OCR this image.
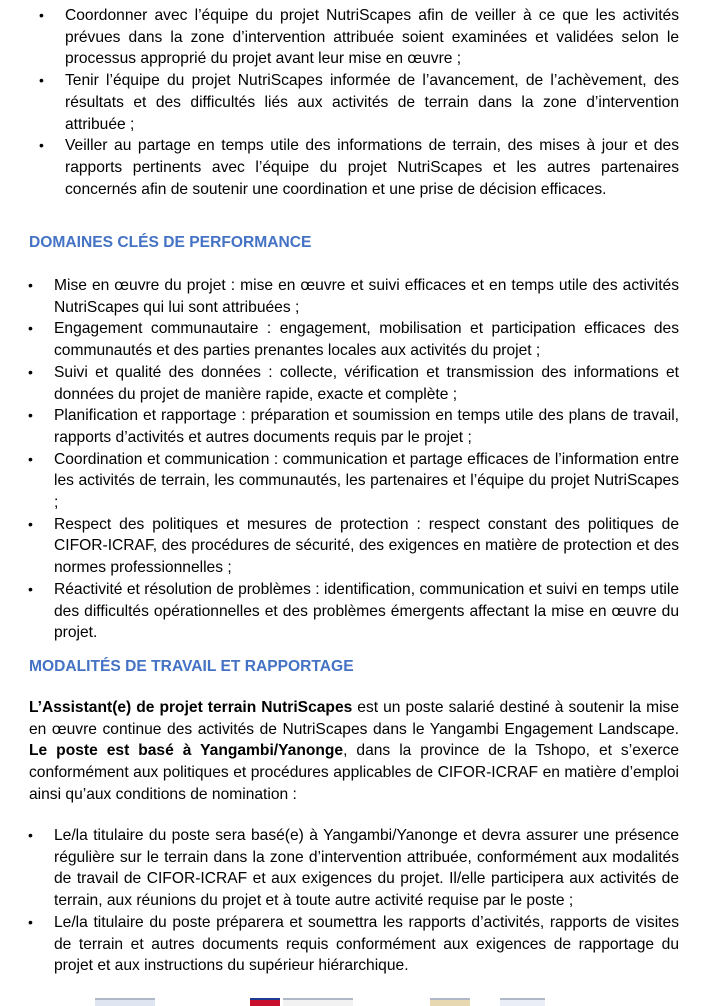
• Coordonner avec l’équipe du projet NutriScapes afin de veiller à ce que les activités prévues dans la zone d’intervention attribuée soient examinées et validées selon le processus approprié du projet avant leur mise en œuvre ;
• Tenir l’équipe du projet NutriScapes informée de l’avancement, de l’achèvement, des résultats et des difficultés liés aux activités de terrain dans la zone d’intervention attribuée ;
• Veiller au partage en temps utile des informations de terrain, des mises à jour et des rapports pertinents avec l’équipe du projet NutriScapes et les autres partenaires concernés afin de soutenir une coordination et une prise de décision efficaces.
DOMAINES CLÉS DE PERFORMANCE
• Mise en œuvre du projet : mise en œuvre et suivi efficaces et en temps utile des activités NutriScapes qui lui sont attribuées ;
• Engagement communautaire : engagement, mobilisation et participation efficaces des communautés et des parties prenantes locales aux activités du projet ;
• Suivi et qualité des données : collecte, vérification et transmission des informations et données du projet de manière rapide, exacte et complète ;
• Planification et rapportage : préparation et soumission en temps utile des plans de travail, rapports d’activités et autres documents requis par le projet ;
• Coordination et communication : communication et partage efficaces de l’information entre les activités de terrain, les communautés, les partenaires et l’équipe du projet NutriScapes ;
• Respect des politiques et mesures de protection : respect constant des politiques de CIFOR-ICRAF, des procédures de sécurité, des exigences en matière de protection et des normes professionnelles ;
• Réactivité et résolution de problèmes : identification, communication et suivi en temps utile des difficultés opérationnelles et des problèmes émergents affectant la mise en œuvre du projet.
MODALITÉS DE TRAVAIL ET RAPPORTAGE

L’Assistant(e) de projet terrain NutriScapes est un poste salarié destiné à soutenir la mise en œuvre continue des activités de NutriScapes dans le Yangambi Engagement Landscape. Le poste est basé à Yangambi/Yanonge, dans la province de la Tshopo, et s’exerce conformément aux politiques et procédures applicables de CIFOR-ICRAF en matière d’emploi ainsi qu’aux conditions de nomination :

• Le/la titulaire du poste sera basé(e) à Yangambi/Yanonge et devra assurer une présence régulière sur le terrain dans la zone d’intervention attribuée, conformément aux modalités de travail de CIFOR-ICRAF et aux exigences du projet. Il/elle participera aux activités de terrain, aux réunions du projet et à toute autre activité requise par le poste ;
• Le/la titulaire du poste préparera et soumettra les rapports d’activités, rapports de visites de terrain et autres documents requis conformément aux exigences de rapportage du projet et aux instructions du supérieur hiérarchique.
